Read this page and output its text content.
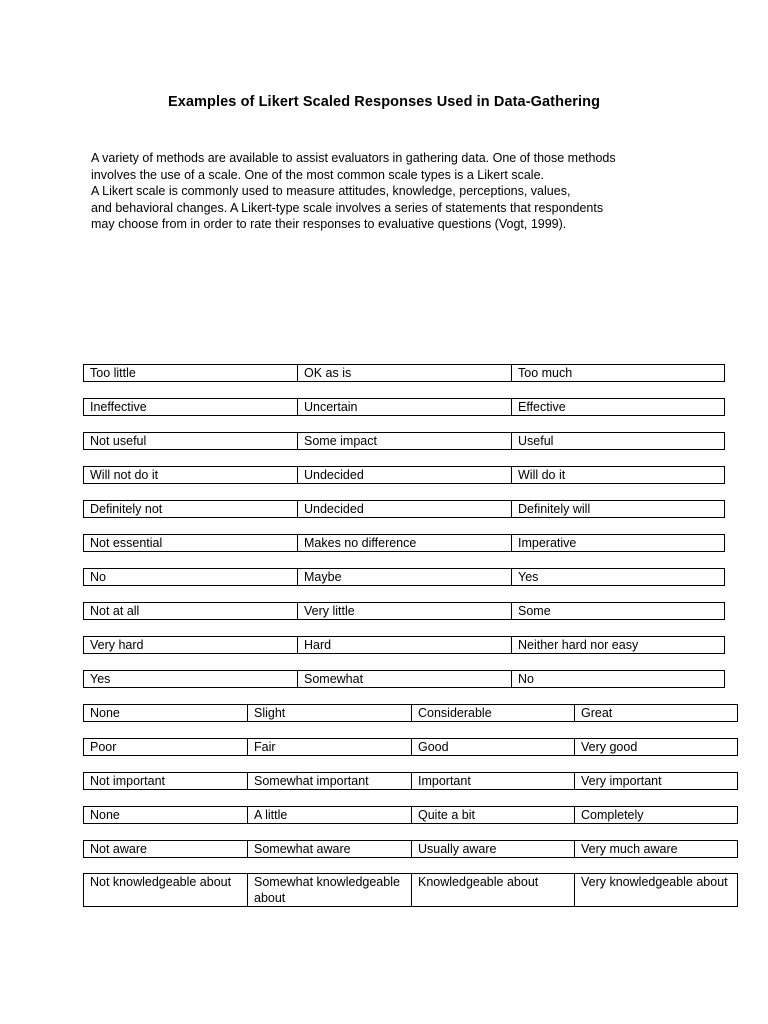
Examples of Likert Scaled Responses Used in Data-Gathering
A variety of methods are available to assist evaluators in gathering data. One of those methods
involves the use of a scale. One of the most common scale types is a Likert scale.
A Likert scale is commonly used to measure attitudes, knowledge, perceptions, values,
and behavioral changes. A Likert-type scale involves a series of statements that respondents
may choose from in order to rate their responses to evaluative questions (Vogt, 1999).
Too little	OK as is	Too much
Ineffective	Uncertain	Effective
Not useful	Some impact	Useful
Will not do it	Undecided	Will do it
Definitely not	Undecided	Definitely will
Not essential	Makes no difference	Imperative
No	Maybe	Yes
Not at all	Very little	Some
Very hard	Hard	Neither hard nor easy
Yes	Somewhat	No
None	Slight	Considerable	Great
Poor	Fair	Good	Very good
Not important	Somewhat important	Important	Very important
None	A little	Quite a bit	Completely
Not aware	Somewhat aware	Usually aware	Very much aware
Not knowledgeable about	Somewhat knowledgeable about	Knowledgeable about	Very knowledgeable about
